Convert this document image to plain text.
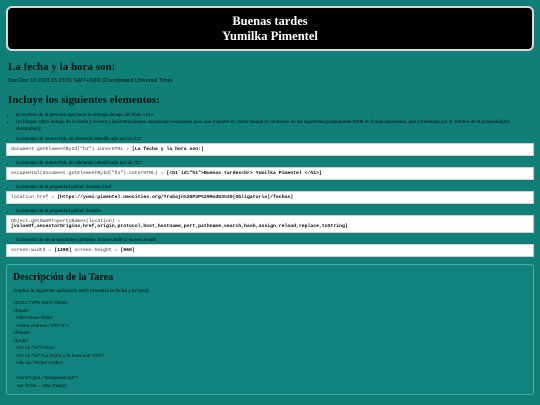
Buenas tardes
Yumilka Pimentel
La fecha y la hora son:
Sun Dec 10 2023 15:23:01 GMT+0000 (Coordinated Universal Time)
Incluye los siguientes elementos:
• El nombre de la persona que hace la entrega debajo del título <h1>.
• Un bloque <div> debajo de la fecha y la hora y las instrucciones JavaScript necesarias para que muestre en dicho bloque el contenido de las siguientes propiedades DOM en líneas separadas, que comienzan por el nombre de la propiedad(es) mostrada(s):
• Contenido de innerHTML de elemento identificado por id="h2"
document.getElementById("h2").innerHTML = [La fecha y la hora son:]
• Contenido de outerHTML de elemento identificado por id="h1"
escapeHtml(document.getElementById("h1").outerHTML) = [<h1 id="h1">Buenas tardes<br> Yumilka Pimentel </h1>]
• Contenido de la propiedad global: location.href
location.href = [https://yumi-pimentel.neocities.org/Trabajo%20P2P%20Mod03%20(Obligatorio)/fechas]
• Contenido de la propiedad global: location
Object.getOwnPropertyNames(location) =
[valueOf,ancestorOrigins,href,origin,protocol,host,hostname,port,pathname,search,hash,assign,reload,replace,toString]
• Contenido de las propiedades globales: screen.width y screen.heigth
screen.width = [1280] screen.height = [960]
Descripción de la Tarea

Ampliar la siguiente aplicación Web (muestra la fecha y la hora):

<!DOCTYPE html><html>
<head>
<title>Date</title>
<meta charset="UTF-8">
</head>
<body>
<h1 id="h1"></h1>
<h2 id="h2">La fecha y la hora son:</h2>
<div id="fecha"></div>

<script type="text/javascript">
var fecha = new Date();
